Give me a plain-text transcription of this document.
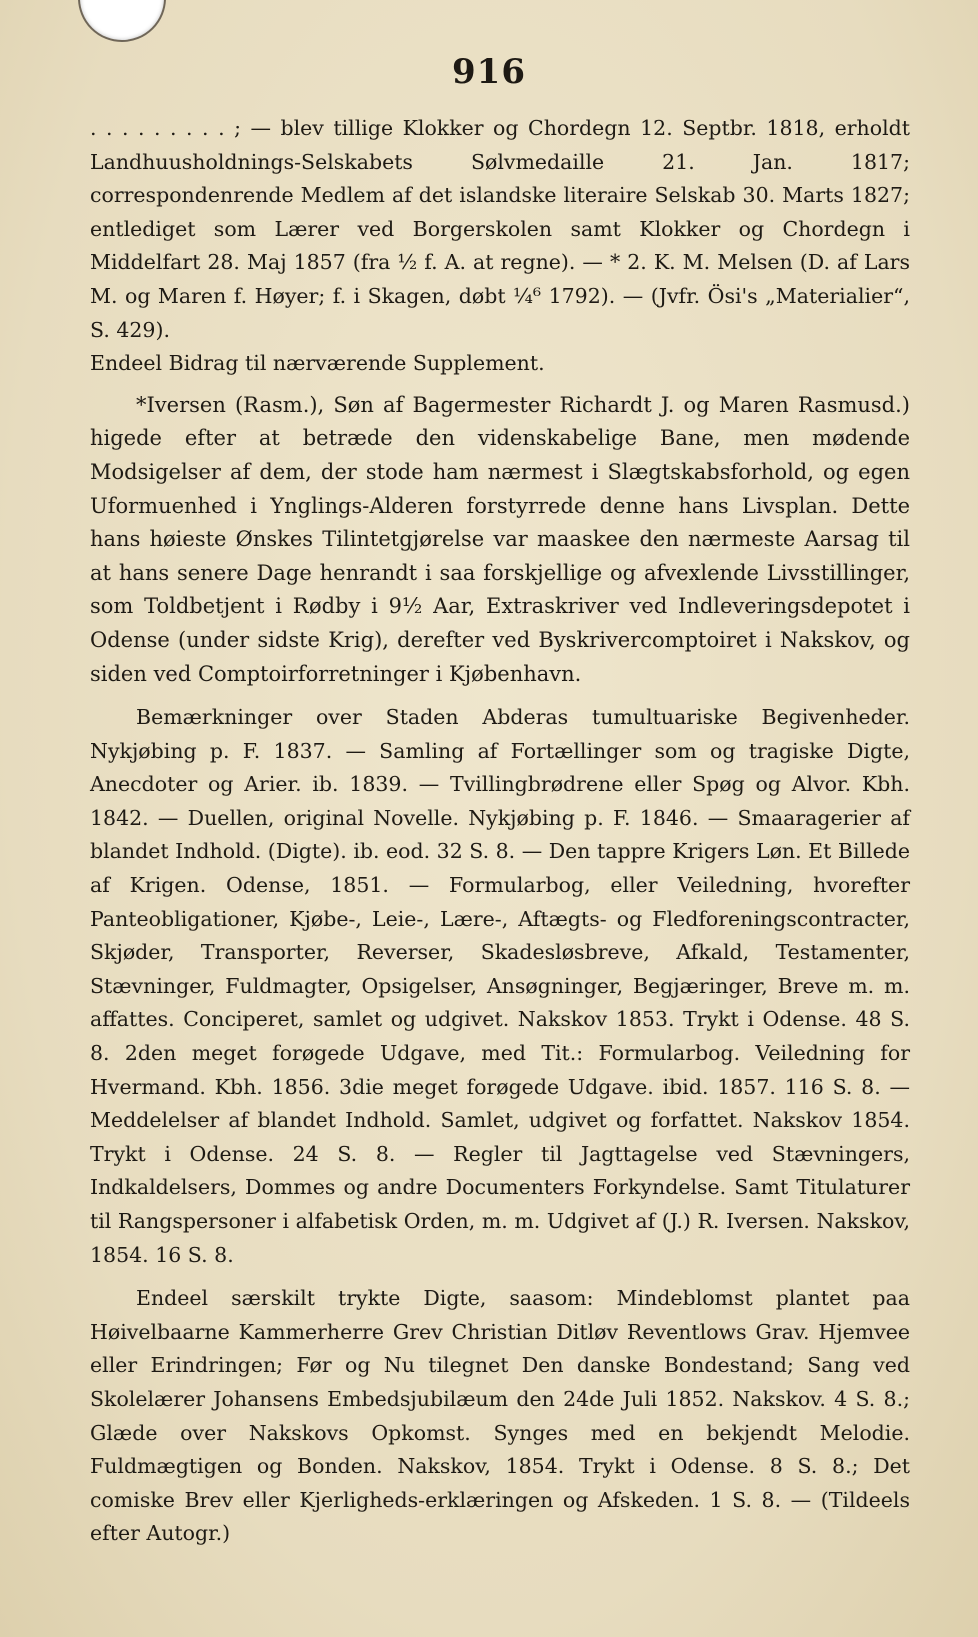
916

. . . . . . . . . ; — blev tillige Klokker og Chordegn 12. Septbr. 1818, erholdt Landhuusholdnings-Selskabets Sølvmedaille 21. Jan. 1817; correspondenrende Medlem af det islandske literaire Selskab 30. Marts 1827; entlediget som Lærer ved Borgerskolen samt Klokker og Chordegn i Middelfart 28. Maj 1857 (fra ½ f. A. at regne). — * 2. K. M. Melsen (D. af Lars M. og Maren f. Høyer; f. i Skagen, døbt ¼⁶ 1792). — (Jvfr. Ösi's „Materialier“, S. 429).

Endeel Bidrag til nærværende Supplement.

*Iversen (Rasm.), Søn af Bagermester Richardt J. og Maren Rasmusd.) higede efter at betræde den videnskabelige Bane, men mødende Modsigelser af dem, der stode ham nærmest i Slægtskabsforhold, og egen Uformuenhed i Ynglings-Alderen forstyrrede denne hans Livsplan. Dette hans høieste Ønskes Tilintetgjørelse var maaskee den nærmeste Aarsag til at hans senere Dage henrandt i saa forskjellige og afvexlende Livsstillinger, som Toldbetjent i Rødby i 9½ Aar, Extraskriver ved Indleveringsdepotet i Odense (under sidste Krig), derefter ved Byskrivercomptoiret i Nakskov, og siden ved Comptoirforretninger i Kjøbenhavn.

Bemærkninger over Staden Abderas tumultuariske Begivenheder. Nykjøbing p. F. 1837. — Samling af Fortællinger som og tragiske Digte, Anecdoter og Arier. ib. 1839. — Tvillingbrødrene eller Spøg og Alvor. Kbh. 1842. — Duellen, original Novelle. Nykjøbing p. F. 1846. — Smaaragerier af blandet Indhold. (Digte). ib. eod. 32 S. 8. — Den tappre Krigers Løn. Et Billede af Krigen. Odense, 1851. — Formularbog, eller Veiledning, hvorefter Panteobligationer, Kjøbe-, Leie-, Lære-, Aftægts- og Fledforeningscontracter, Skjøder, Transporter, Reverser, Skadesløsbreve, Afkald, Testamenter, Stævninger, Fuldmagter, Opsigelser, Ansøgninger, Begjæringer, Breve m. m. affattes. Conciperet, samlet og udgivet. Nakskov 1853. Trykt i Odense. 48 S. 8. 2den meget forøgede Udgave, med Tit.: Formularbog. Veiledning for Hvermand. Kbh. 1856. 3die meget forøgede Udgave. ibid. 1857. 116 S. 8. — Meddelelser af blandet Indhold. Samlet, udgivet og forfattet. Nakskov 1854. Trykt i Odense. 24 S. 8. — Regler til Jagttagelse ved Stævningers, Indkaldelsers, Dommes og andre Documenters Forkyndelse. Samt Titulaturer til Rangspersoner i alfabetisk Orden, m. m. Udgivet af (J.) R. Iversen. Nakskov, 1854. 16 S. 8.

Endeel særskilt trykte Digte, saasom: Mindeblomst plantet paa Høivelbaarne Kammerherre Grev Christian Ditløv Reventlows Grav. Hjemvee eller Erindringen; Før og Nu tilegnet Den danske Bondestand; Sang ved Skolelærer Johansens Embedsjubilæum den 24de Juli 1852. Nakskov. 4 S. 8.; Glæde over Nakskovs Opkomst. Synges med en bekjendt Melodie. Fuldmægtigen og Bonden. Nakskov, 1854. Trykt i Odense. 8 S. 8.; Det comiske Brev eller Kjerligheds-erklæringen og Afskeden. 1 S. 8. — (Tildeels efter Autogr.)
